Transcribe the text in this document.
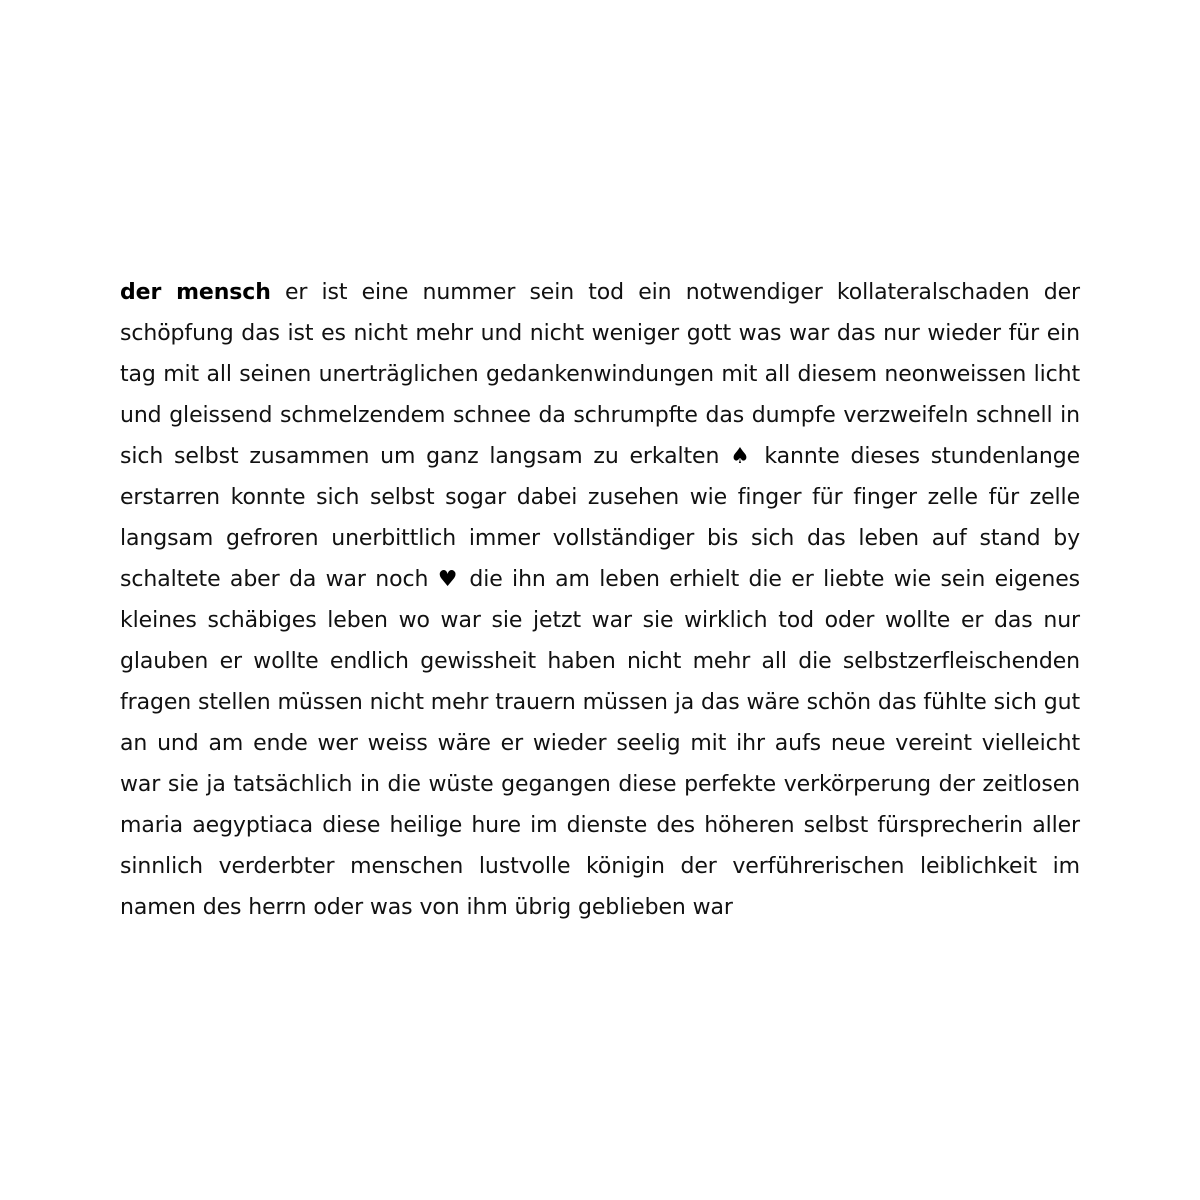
der mensch er ist eine nummer sein tod ein notwendiger kollateralschaden der schöpfung das ist es nicht mehr und nicht weniger gott was war das nur wieder für ein tag mit all seinen unerträglichen gedankenwindungen mit all diesem neonweissen licht und gleissend schmelzendem schnee da schrumpfte das dumpfe verzweifeln schnell in sich selbst zusammen um ganz langsam zu erkalten ♠ kannte dieses stundenlange erstarren konnte sich selbst sogar dabei zusehen wie finger für finger zelle für zelle langsam gefroren unerbittlich immer vollständiger bis sich das leben auf stand by schaltete aber da war noch ♥ die ihn am leben erhielt die er liebte wie sein eigenes kleines schäbiges leben wo war sie jetzt war sie wirklich tod oder wollte er das nur glauben er wollte endlich gewissheit haben nicht mehr all die selbstzerfleischenden fragen stellen müssen nicht mehr trauern müssen ja das wäre schön das fühlte sich gut an und am ende wer weiss wäre er wieder seelig mit ihr aufs neue vereint vielleicht war sie ja tatsächlich in die wüste gegangen diese perfekte verkörperung der zeitlosen maria aegyptiaca diese heilige hure im dienste des höheren selbst fürsprecherin aller sinnlich verderbter menschen lustvolle königin der verführerischen leiblichkeit im namen des herrn oder was von ihm übrig geblieben war
